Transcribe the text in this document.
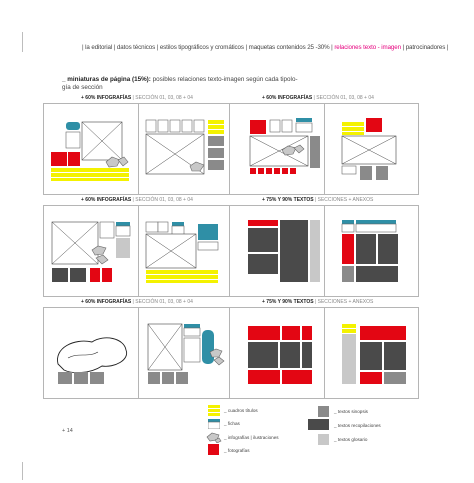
| la editorial | datos técnicos | estilos tipográficos y cromáticos | maquetas contenidos 25 -30% | relaciones texto - imagen | patrocinadores |
_ miniaturas de página (15%): posibles relaciones texto-imagen según cada tipolo-
gía de sección
+ 60% INFOGRAFÍAS | SECCIÓN 01, 03, 08 + 04	+ 60% INFOGRAFÍAS | SECCIÓN 01, 03, 08 + 04
+ 60% INFOGRAFÍAS | SECCIÓN 01, 03, 08 + 04	+ 75% Y 90% TEXTOS | SECCIONES + ANEXOS
+ 60% INFOGRAFÍAS | SECCIÓN 01, 03, 08 + 04	+ 75% Y 90% TEXTOS | SECCIONES + ANEXOS
_ cuadros títulos
_ fichas
_ infografías | ilustraciones
_ fotografías
_ textos sinopsis
_ textos recopilaciones
_ textos glosario
+ 14
